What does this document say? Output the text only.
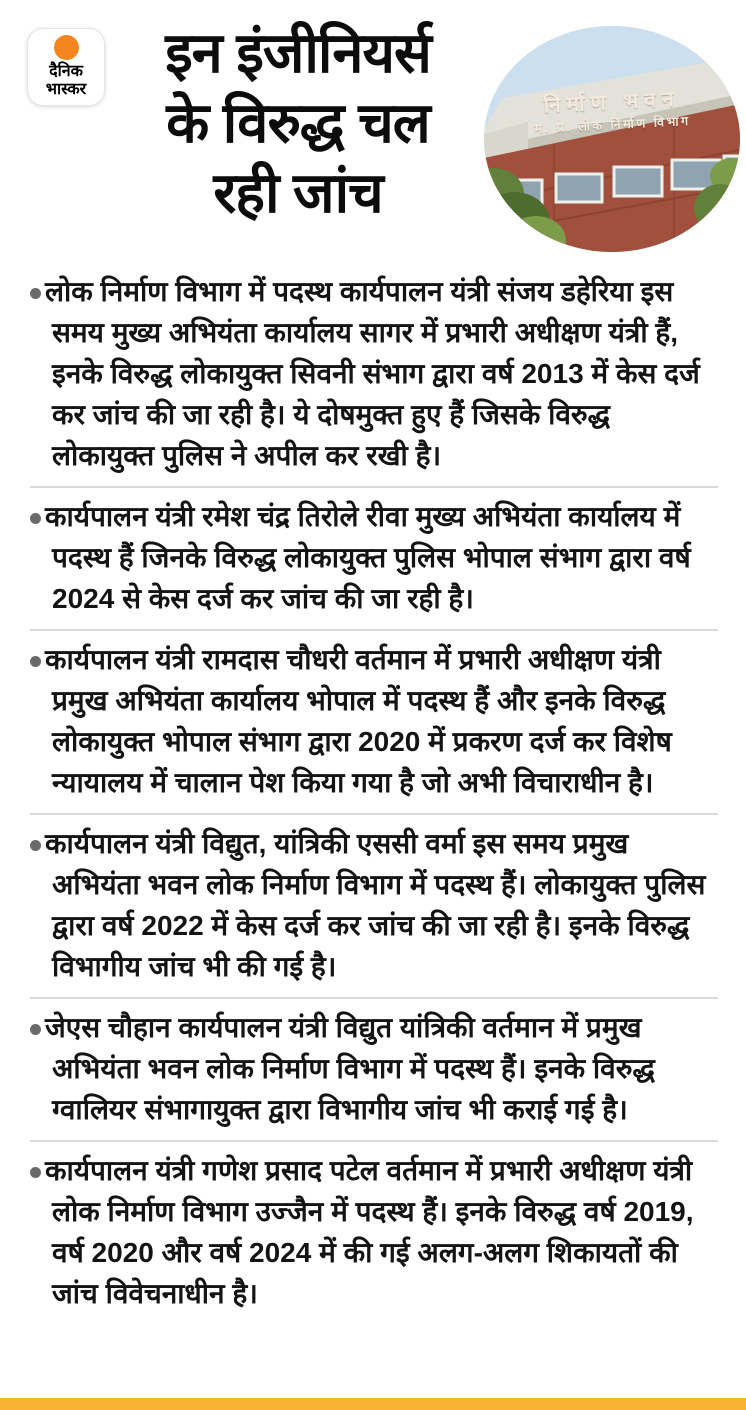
दैनिक
भास्कर
इन इंजीनियर्स
के विरुद्ध चल
रही जांच
निर्माण भवन
म. प्र. लोक निर्माण विभाग
लोक निर्माण विभाग में पदस्थ कार्यपालन यंत्री संजय डहेरिया इस समय मुख्य अभियंता कार्यालय सागर में प्रभारी अधीक्षण यंत्री हैं, इनके विरुद्ध लोकायुक्त सिवनी संभाग द्वारा वर्ष 2013 में केस दर्ज कर जांच की जा रही है। ये दोषमुक्त हुए हैं जिसके विरुद्ध लोकायुक्त पुलिस ने अपील कर रखी है।
कार्यपालन यंत्री रमेश चंद्र तिरोले रीवा मुख्य अभियंता कार्यालय में पदस्थ हैं जिनके विरुद्ध लोकायुक्त पुलिस भोपाल संभाग द्वारा वर्ष 2024 से केस दर्ज कर जांच की जा रही है।
कार्यपालन यंत्री रामदास चौधरी वर्तमान में प्रभारी अधीक्षण यंत्री प्रमुख अभियंता कार्यालय भोपाल में पदस्थ हैं और इनके विरुद्ध लोकायुक्त भोपाल संभाग द्वारा 2020 में प्रकरण दर्ज कर विशेष न्यायालय में चालान पेश किया गया है जो अभी विचाराधीन है।
कार्यपालन यंत्री विद्युत, यांत्रिकी एससी वर्मा इस समय प्रमुख अभियंता भवन लोक निर्माण विभाग में पदस्थ हैं। लोकायुक्त पुलिस द्वारा वर्ष 2022 में केस दर्ज कर जांच की जा रही है। इनके विरुद्ध विभागीय जांच भी की गई है।
जेएस चौहान कार्यपालन यंत्री विद्युत यांत्रिकी वर्तमान में प्रमुख अभियंता भवन लोक निर्माण विभाग में पदस्थ हैं। इनके विरुद्ध ग्वालियर संभागायुक्त द्वारा विभागीय जांच भी कराई गई है।
कार्यपालन यंत्री गणेश प्रसाद पटेल वर्तमान में प्रभारी अधीक्षण यंत्री लोक निर्माण विभाग उज्जैन में पदस्थ हैं। इनके विरुद्ध वर्ष 2019, वर्ष 2020 और वर्ष 2024 में की गई अलग-अलग शिकायतों की जांच विवेचनाधीन है।
